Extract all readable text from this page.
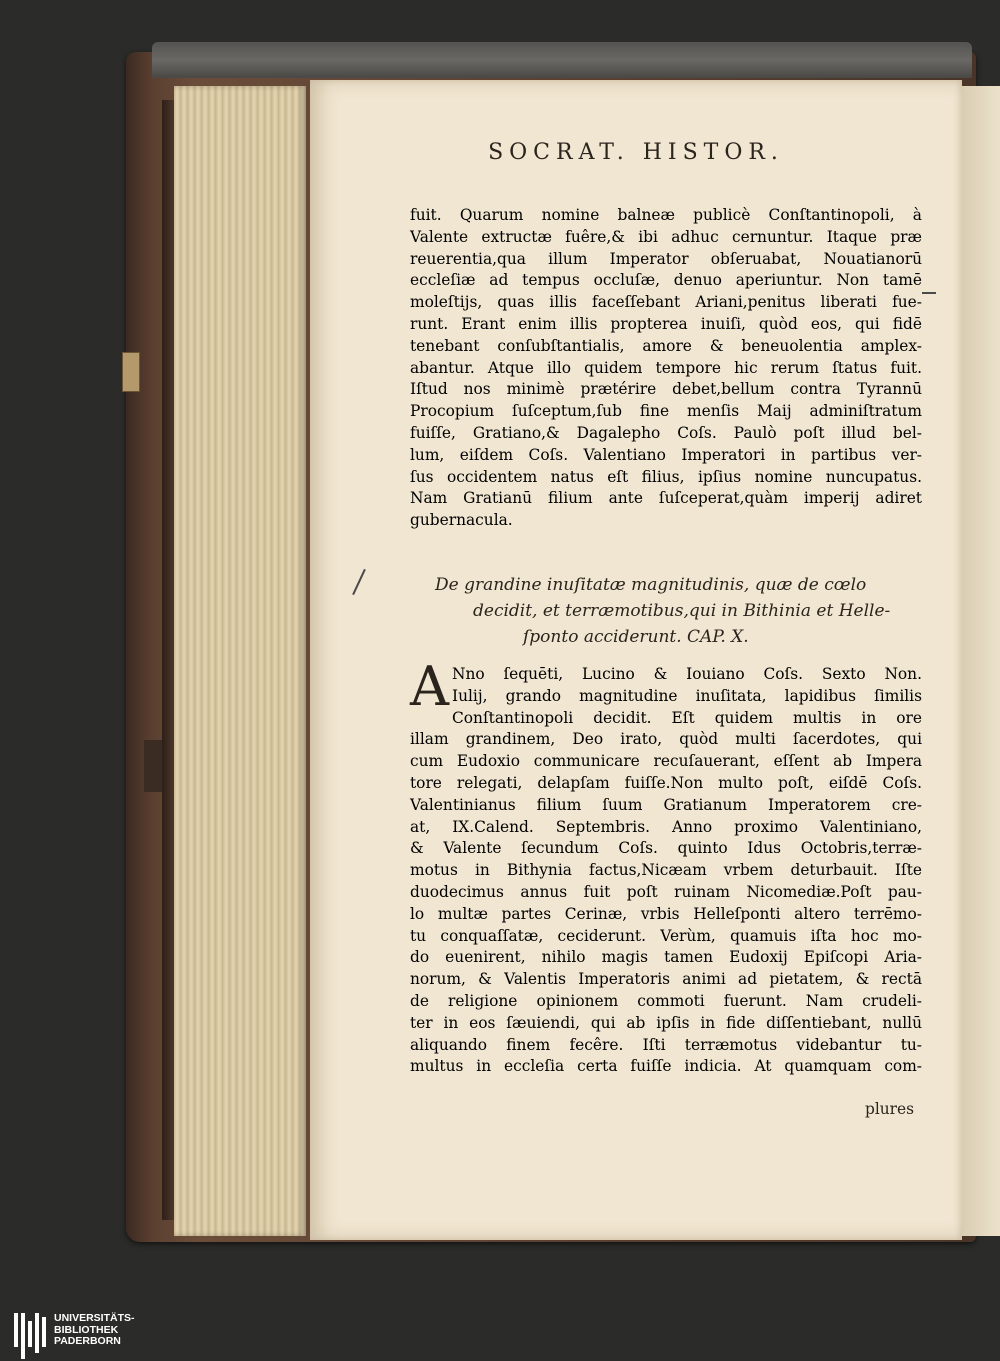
SOCRAT. HISTOR.
fuit. Quarum nomine balneæ publicè Conſtantinopoli, à
Valente extructæ fuêre,& ibi adhuc cernuntur. Itaque præ
reuerentia,qua illum Imperator obſeruabat, Nouatianorū
eccleſiæ ad tempus occluſæ, denuo aperiuntur. Non tamē
moleſtijs, quas illis faceſſebant Ariani,penitus liberati fue-
runt. Erant enim illis propterea inuiſi, quòd eos, qui fidē
tenebant conſubſtantialis, amore & beneuolentia amplex-
abantur. Atque illo quidem tempore hic rerum ſtatus fuit.
Iſtud nos minimè prætérire debet,bellum contra Tyrannū
Procopium ſuſceptum,ſub fine menſis Maij adminiſtratum
fuiſſe, Gratiano,& Dagalepho Coſs. Paulò poſt illud bel-
lum, eiſdem Coſs. Valentiano Imperatori in partibus ver-
ſus occidentem natus eſt filius, ipſius nomine nuncupatus.
Nam Gratianū filium ante ſuſceperat,quàm imperij adiret
gubernacula.
De grandine inuſitatæ magnitudinis, quæ de cœlo
decidit, et terræmotibus,qui in Bithinia et Helle-
ſponto acciderunt. CAP. X.
A Nno ſequēti, Lucino & Iouiano Coſs. Sexto Non.
Iulij, grando magnitudine inuſitata, lapidibus ſimilis
Conſtantinopoli decidit. Eſt quidem multis in ore
illam grandinem, Deo irato, quòd multi ſacerdotes, qui
cum Eudoxio communicare recuſauerant, eſſent ab Impera
tore relegati, delapſam fuiſſe.Non multo poſt, eiſdē Coſs.
Valentinianus filium ſuum Gratianum Imperatorem cre-
at, IX.Calend. Septembris. Anno proximo Valentiniano,
& Valente ſecundum Coſs. quinto Idus Octobris,terræ-
motus in Bithynia factus,Nicæam vrbem deturbauit. Iſte
duodecimus annus fuit poſt ruinam Nicomediæ.Poſt pau-
lo multæ partes Cerinæ, vrbis Helleſponti altero terrēmo-
tu conquaſſatæ, ceciderunt. Verùm, quamuis iſta hoc mo-
do euenirent, nihilo magis tamen Eudoxij Epiſcopi Aria-
norum, & Valentis Imperatoris animi ad pietatem, & rectā
de religione opinionem commoti fuerunt. Nam crudeli-
ter in eos ſæuiendi, qui ab ipſis in fide diſſentiebant, nullū
aliquando finem fecêre. Iſti terræmotus videbantur tu-
multus in eccleſia certa fuiſſe indicia. At quamquam com-
plures
UNIVERSITÄTS-
BIBLIOTHEK
PADERBORN
